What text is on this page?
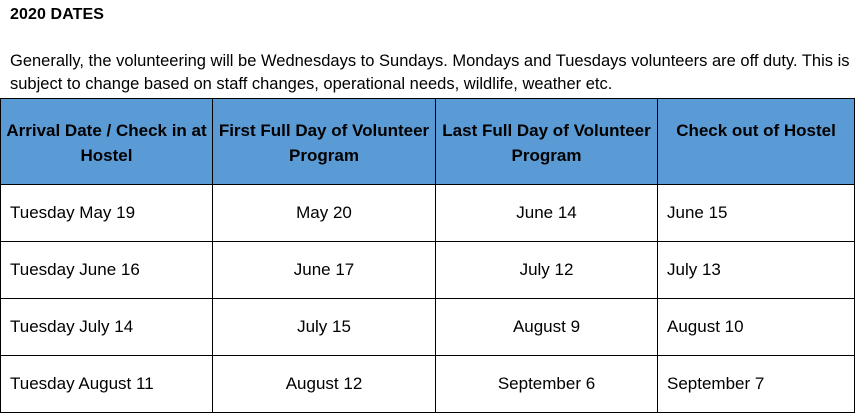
2020 DATES
Generally, the volunteering will be Wednesdays to Sundays. Mondays and Tuesdays volunteers are off duty. This is subject to change based on staff changes, operational needs, wildlife, weather etc.
Arrival Date / Check in at Hostel	First Full Day of Volunteer Program	Last Full Day of Volunteer Program	Check out of Hostel
Tuesday May 19	May 20	June 14	June 15
Tuesday June 16	June 17	July 12	July 13
Tuesday July 14	July 15	August 9	August 10
Tuesday August 11	August 12	September 6	September 7
